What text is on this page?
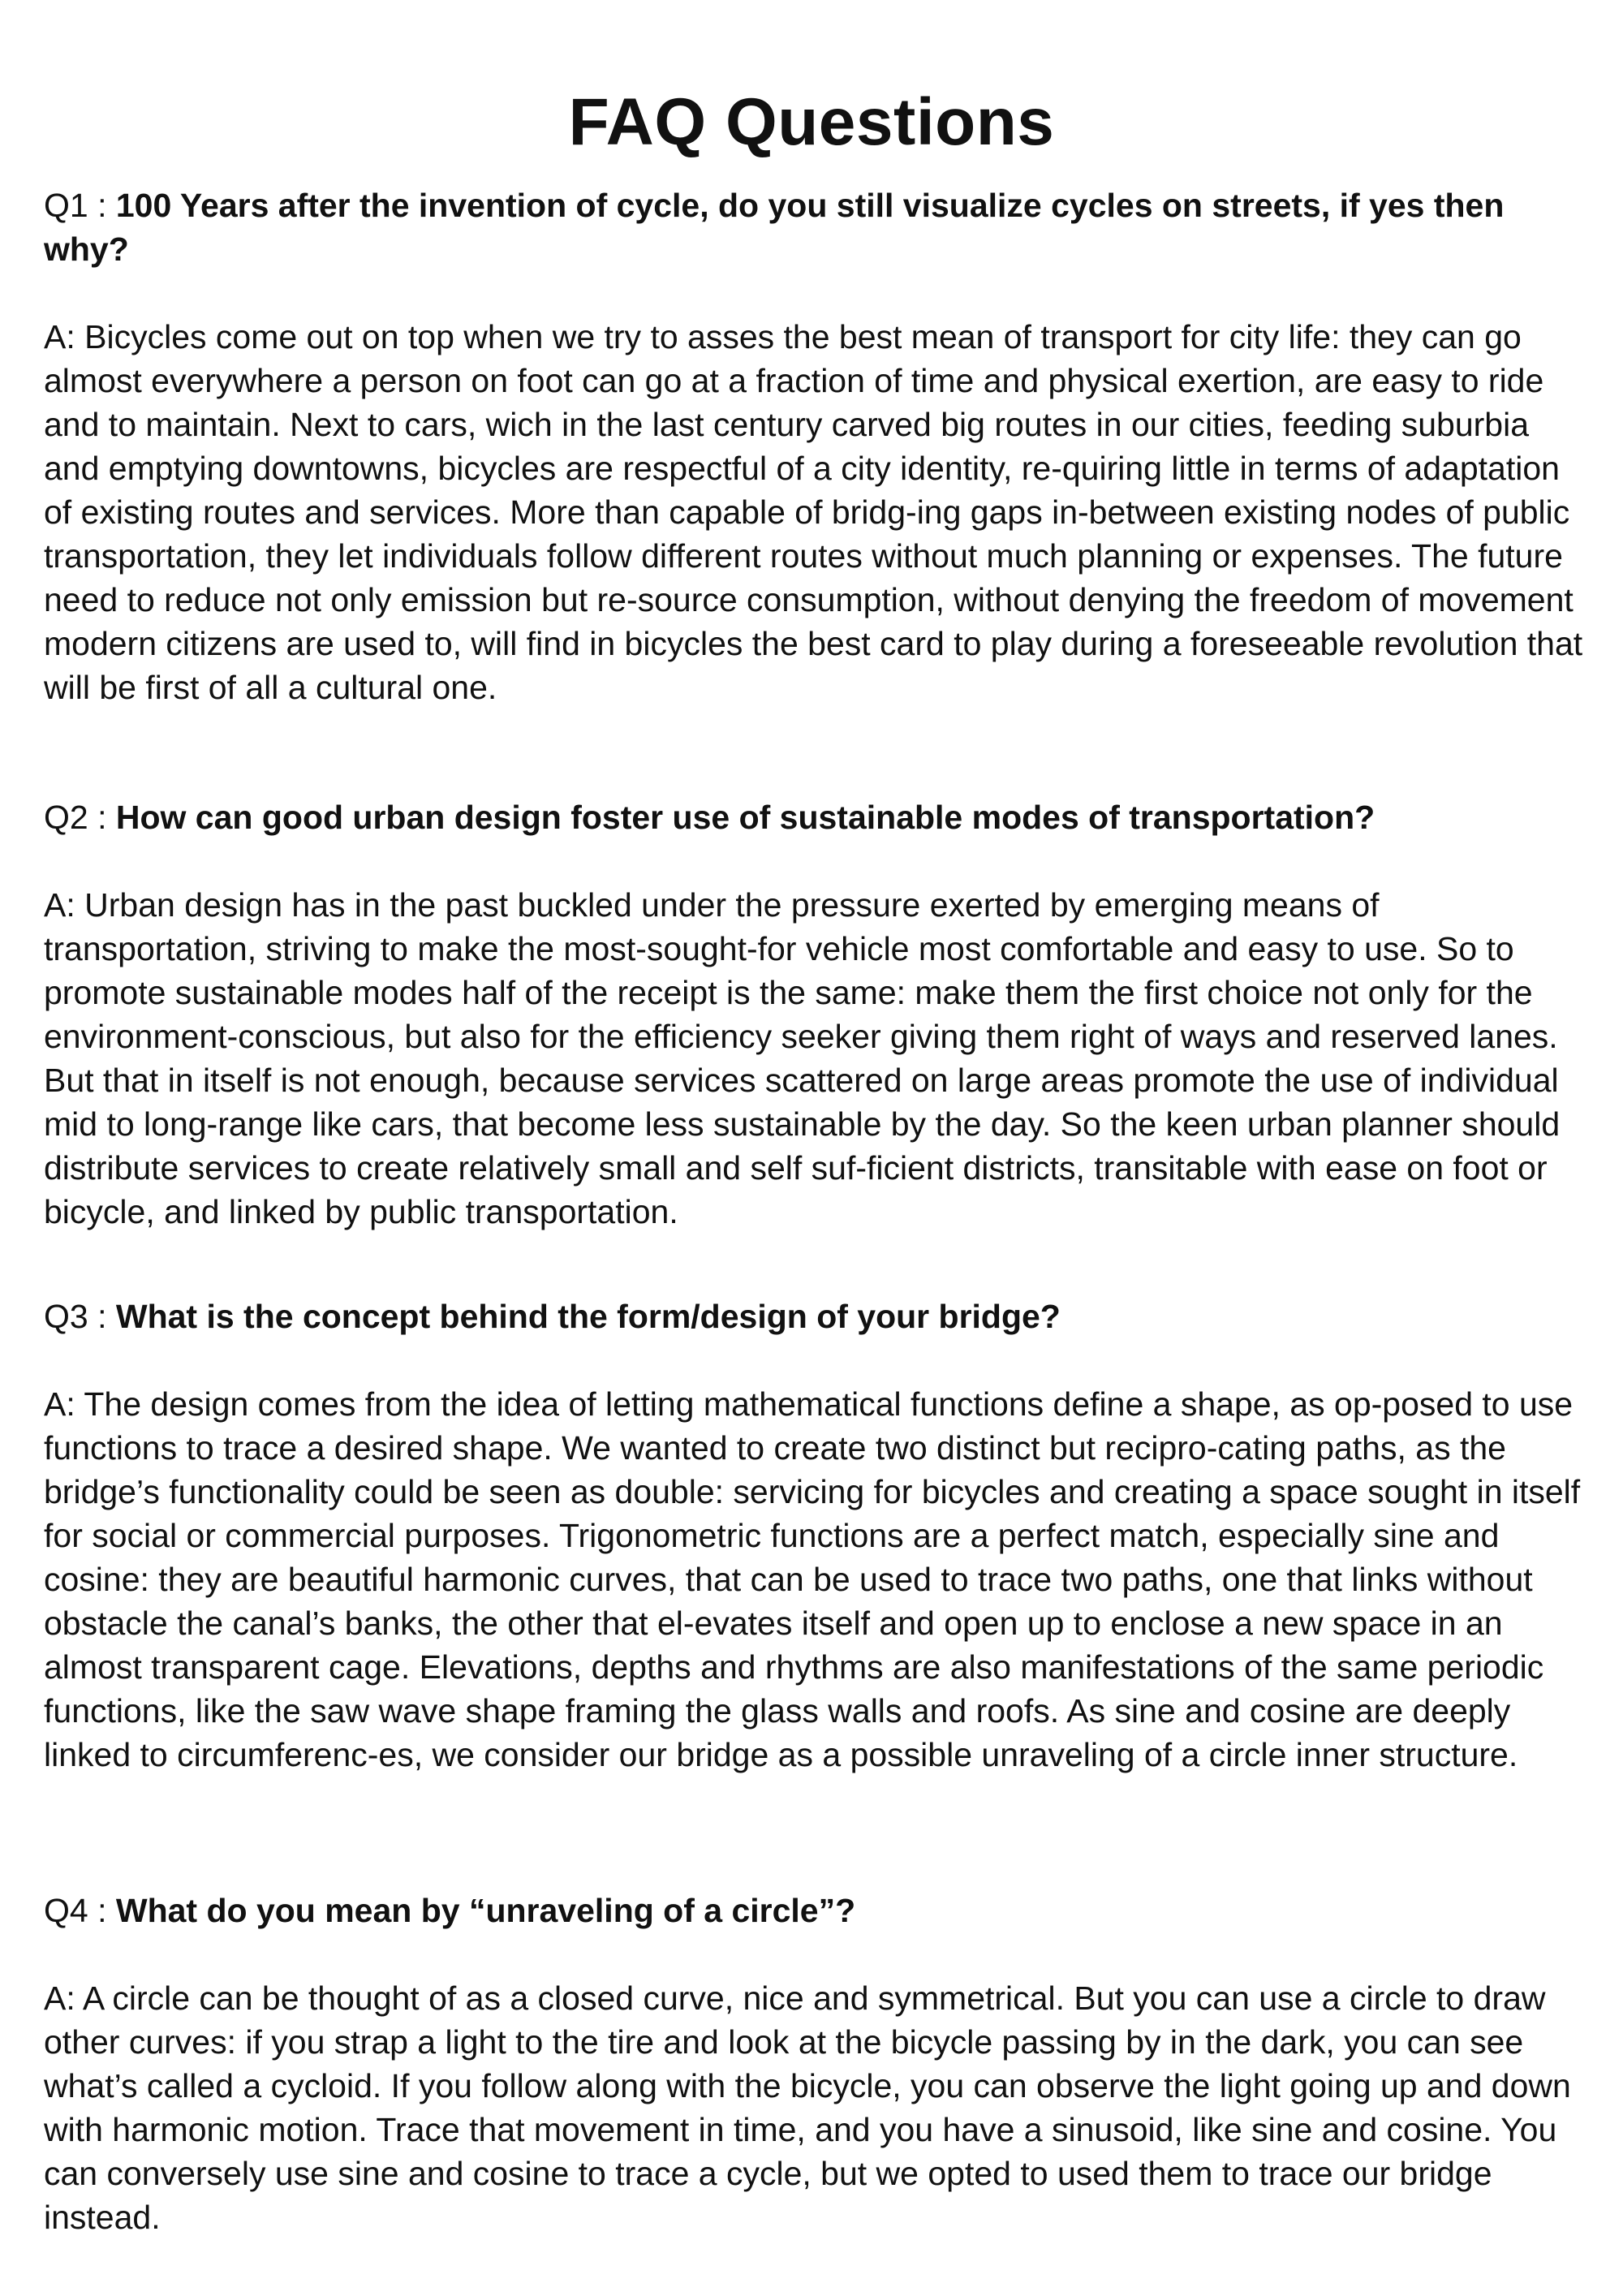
FAQ Questions

Q1 : 100 Years after the invention of cycle, do you still visualize cycles on streets, if yes then why?

A: Bicycles come out on top when we try to asses the best mean of transport for city life: they can go almost everywhere a person on foot can go at a fraction of time and physical exertion, are easy to ride and to maintain. Next to cars, wich in the last century carved big routes in our cities, feeding suburbia and emptying downtowns, bicycles are respectful of a city identity, re-quiring little in terms of adaptation of existing routes and services. More than capable of bridg-ing gaps in-between existing nodes of public transportation, they let individuals follow different routes without much planning or expenses. The future need to reduce not only emission but re-source consumption, without denying the freedom of movement modern citizens are used to, will find in bicycles the best card to play during a foreseeable revolution that will be first of all a cultural one.

Q2 : How can good urban design foster use of sustainable modes of transportation?

A: Urban design has in the past buckled under the pressure exerted by emerging means of transportation, striving to make the most-sought-for vehicle most comfortable and easy to use. So to promote sustainable modes half of the receipt is the same: make them the first choice not only for the environment-conscious, but also for the efficiency seeker giving them right of ways and reserved lanes. But that in itself is not enough, because services scattered on large areas promote the use of individual mid to long-range like cars, that become less sustainable by the day. So the keen urban planner should distribute services to create relatively small and self suf-ficient districts, transitable with ease on foot or bicycle, and linked by public transportation.

Q3 : What is the concept behind the form/design of your bridge?

A: The design comes from the idea of letting mathematical functions define a shape, as op-posed to use functions to trace a desired shape. We wanted to create two distinct but recipro-cating paths, as the bridge’s functionality could be seen as double: servicing for bicycles and creating a space sought in itself for social or commercial purposes. Trigonometric functions are a perfect match, especially sine and cosine: they are beautiful harmonic curves, that can be used to trace two paths, one that links without obstacle the canal’s banks, the other that el-evates itself and open up to enclose a new space in an almost transparent cage. Elevations, depths and rhythms are also manifestations of the same periodic functions, like the saw wave shape framing the glass walls and roofs. As sine and cosine are deeply linked to circumferenc-es, we consider our bridge as a possible unraveling of a circle inner structure.

Q4 : What do you mean by “unraveling of a circle”?

A: A circle can be thought of as a closed curve, nice and symmetrical. But you can use a circle to draw other curves: if you strap a light to the tire and look at the bicycle passing by in the dark, you can see what’s called a cycloid. If you follow along with the bicycle, you can observe the light going up and down with harmonic motion. Trace that movement in time, and you have a sinusoid, like sine and cosine. You can conversely use sine and cosine to trace a cycle, but we opted to used them to trace our bridge instead.
